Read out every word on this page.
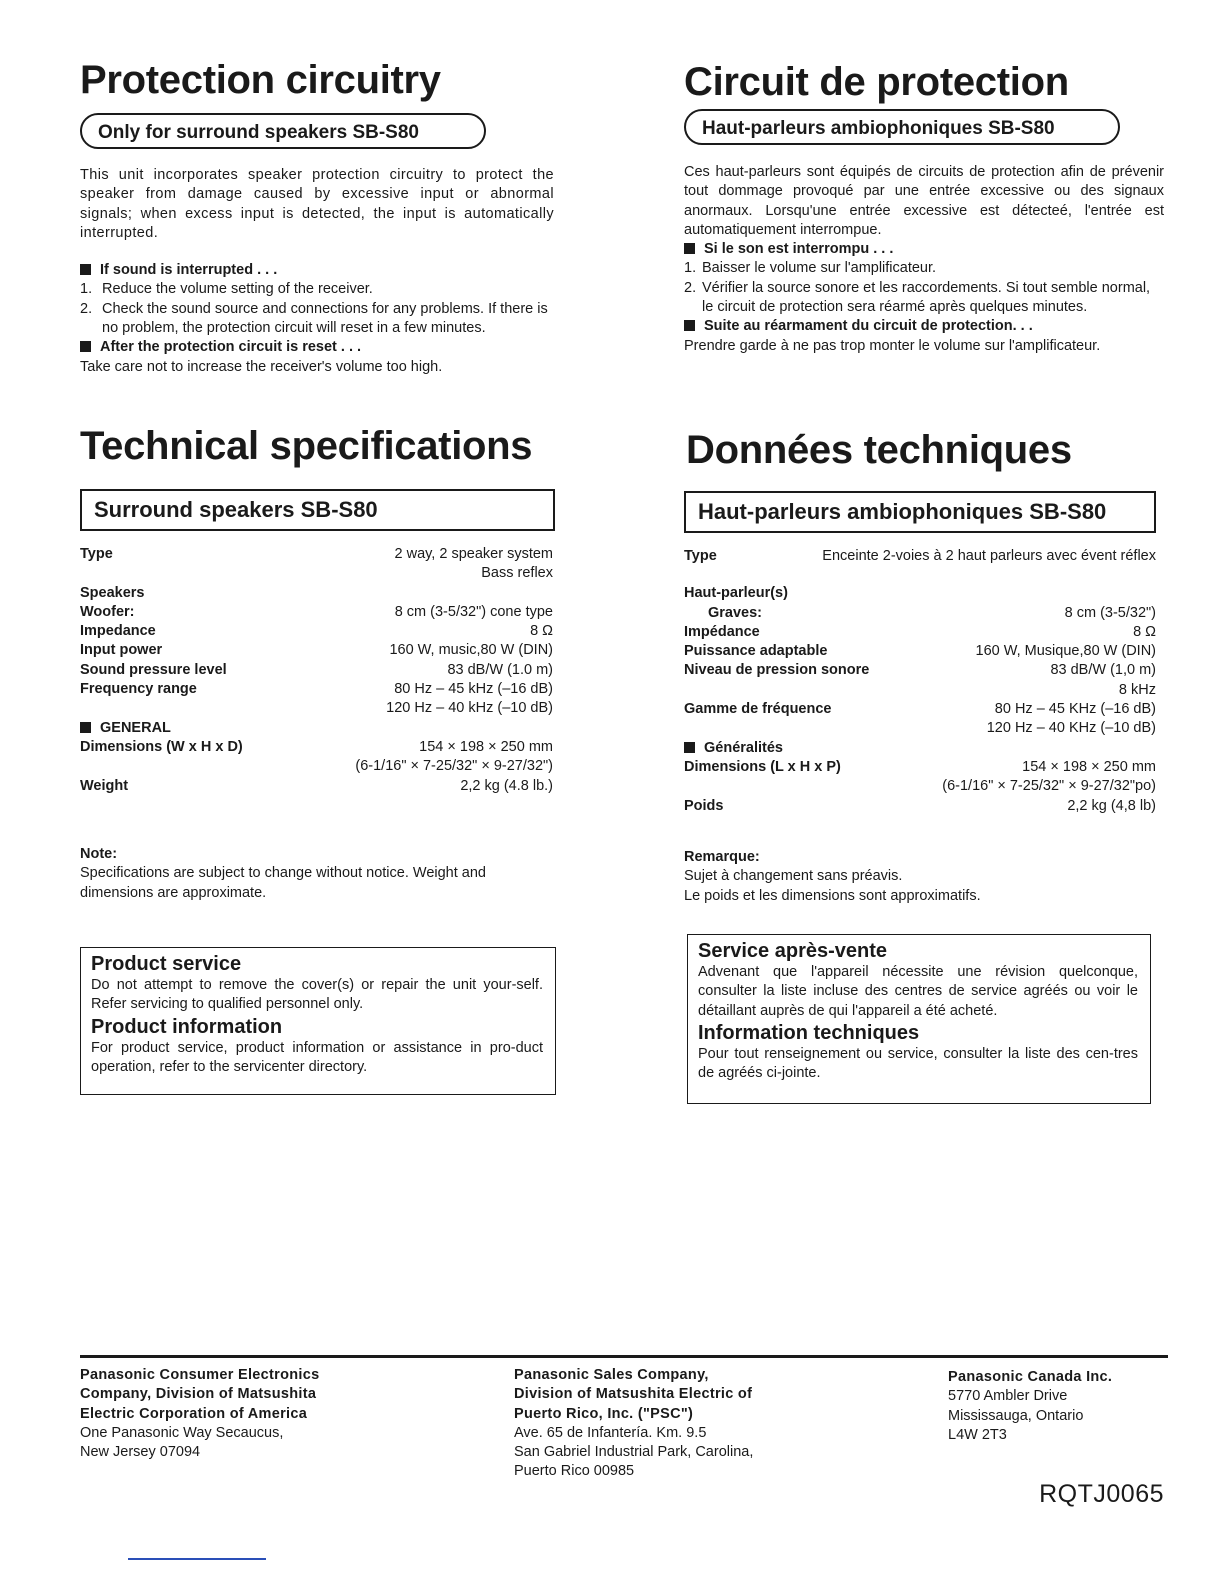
Protection circuitry
Only for surround speakers SB-S80

This unit incorporates speaker protection circuitry to protect the speaker from damage caused by excessive input or abnormal signals; when excess input is detected, the input is automatically interrupted.

If sound is interrupted . . .

1. Reduce the volume setting of the receiver.
2. Check the sound source and connections for any problems. If there is no problem, the protection circuit will reset in a few minutes.

After the protection circuit is reset . . .

Take care not to increase the receiver's volume too high.

Technical specifications
Surround speakers SB-S80
Type	2 way, 2 speaker system
Bass reflex
Speakers
Woofer:	8 cm (3-5/32") cone type
Impedance	8 Ω
Input power	160 W, music,80 W (DIN)
Sound pressure level	83 dB/W (1.0 m)
Frequency range	80 Hz – 45 kHz (–16 dB)
120 Hz – 40 kHz (–10 dB)
GENERAL
Dimensions (W x H x D)	154 × 198 × 250 mm
(6-1/16" × 7-25/32" × 9-27/32")
Weight	2,2 kg (4.8 lb.)

Note:

Specifications are subject to change without notice. Weight and dimensions are approximate.

Product service

Do not attempt to remove the cover(s) or repair the unit your-self. Refer servicing to qualified personnel only.

Product information

For product service, product information or assistance in pro-duct operation, refer to the servicenter directory.

Circuit de protection
Haut-parleurs ambiophoniques SB-S80

Ces haut-parleurs sont équipés de circuits de protection afin de prévenir tout dommage provoqué par une entrée excessive ou des signaux anormaux. Lorsqu'une entrée excessive est détecteé, l'entrée est automatiquement interrompue.

Si le son est interrompu . . .

1. Baisser le volume sur l'amplificateur.
2. Vérifier la source sonore et les raccordements. Si tout semble normal, le circuit de protection sera réarmé après quelques minutes.

Suite au réarmament du circuit de protection. . .

Prendre garde à ne pas trop monter le volume sur l'amplificateur.

Données techniques
Haut-parleurs ambiophoniques SB-S80
Type	Enceinte 2-voies à 2 haut parleurs avec évent réflex
Haut-parleur(s)
Graves:	8 cm (3-5/32")
Impédance	8 Ω
Puissance adaptable	160 W, Musique,80 W (DIN)
Niveau de pression sonore	83 dB/W (1,0 m)
8 kHz
Gamme de fréquence	80 Hz – 45 KHz (–16 dB)
120 Hz – 40 KHz (–10 dB)
Généralités
Dimensions (L x H x P)	154 × 198 × 250 mm
(6-1/16" × 7-25/32" × 9-27/32"po)
Poids	2,2 kg (4,8 lb)

Remarque:

Sujet à changement sans préavis.

Le poids et les dimensions sont approximatifs.

Service après-vente

Advenant que l'appareil nécessite une révision quelconque, consulter la liste incluse des centres de service agréés ou voir le détaillant auprès de qui l'appareil a été acheté.

Information techniques

Pour tout renseignement ou service, consulter la liste des cen-tres de agréés ci-jointe.

Panasonic Consumer Electronics
Company, Division of Matsushita
Electric Corporation of America
One Panasonic Way Secaucus,
New Jersey 07094
Panasonic Sales Company,
Division of Matsushita Electric of
Puerto Rico, Inc. ("PSC")
Ave. 65 de Infantería. Km. 9.5
San Gabriel Industrial Park, Carolina,
Puerto Rico 00985
Panasonic Canada Inc.
5770 Ambler Drive
Mississauga, Ontario
L4W 2T3
RQTJ0065
